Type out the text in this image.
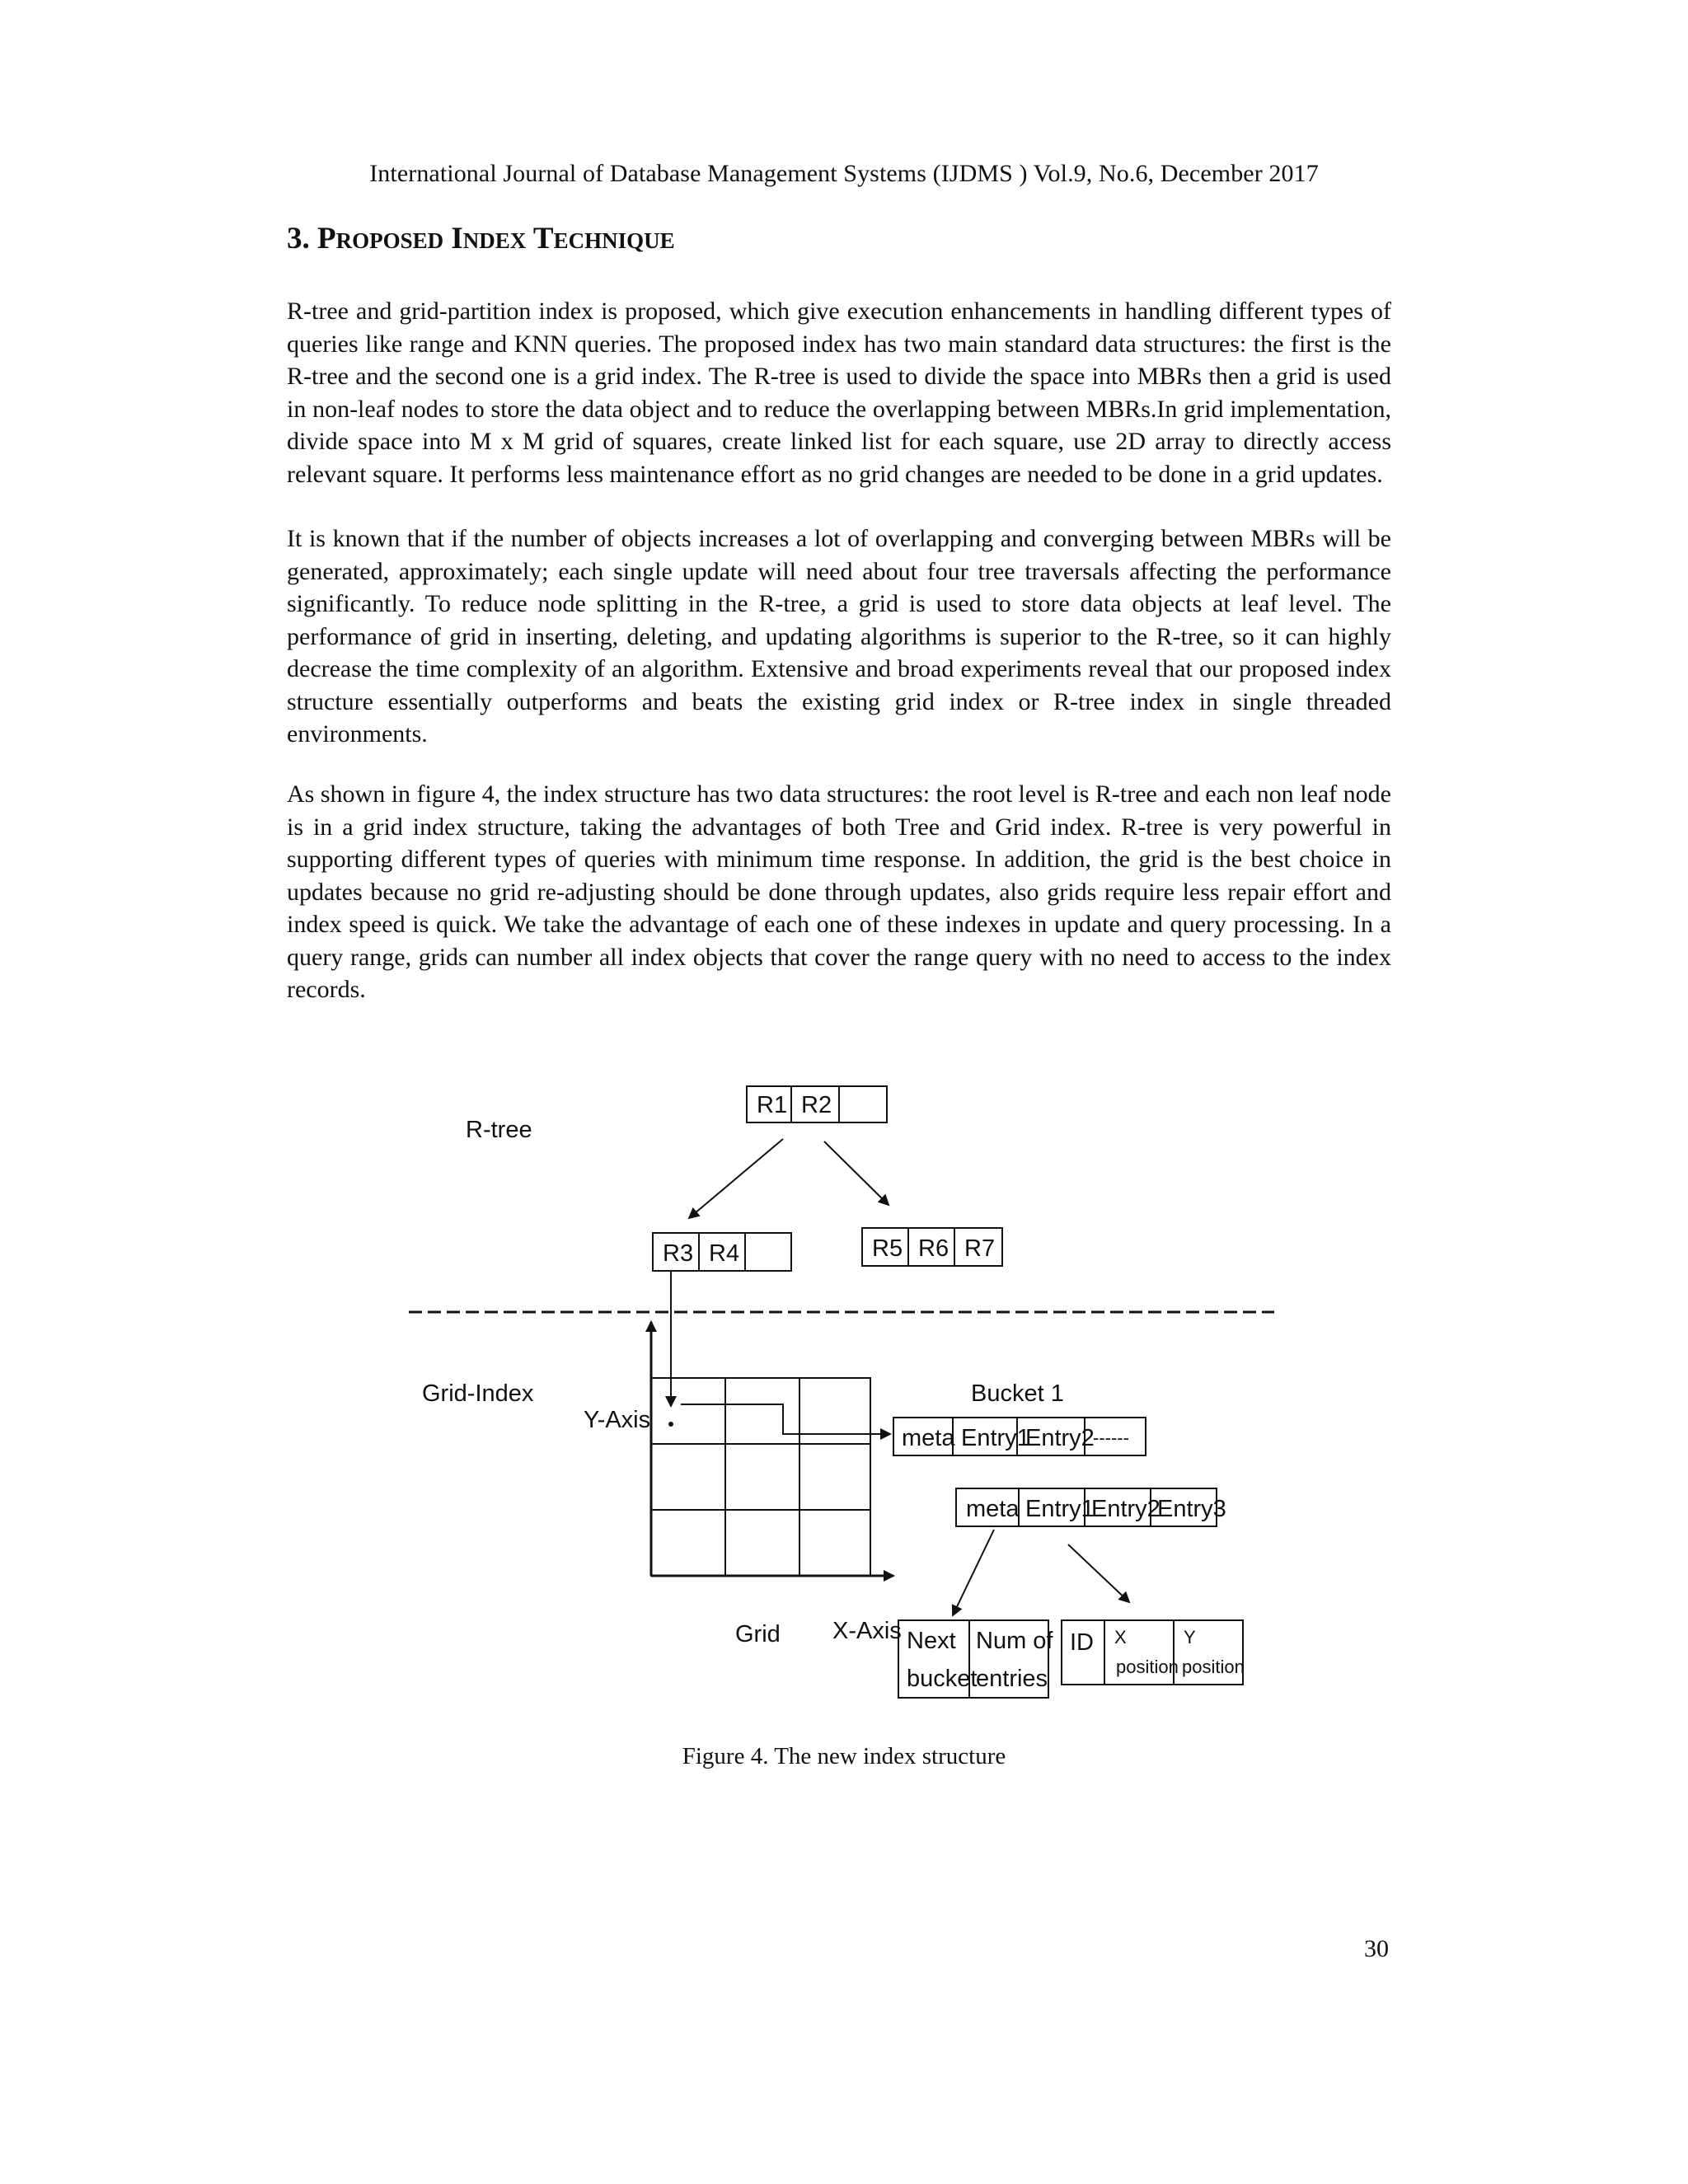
International Journal of Database Management Systems (IJDMS ) Vol.9, No.6, December 2017
3. PROPOSED INDEX TECHNIQUE

R-tree and grid-partition index is proposed, which give execution enhancements in handling different types of queries like range and KNN queries. The proposed index has two main standard data structures: the first is the R-tree and the second one is a grid index. The R-tree is used to divide the space into MBRs then a grid is used in non-leaf nodes to store the data object and to reduce the overlapping between MBRs.In grid implementation, divide space into M x M grid of squares, create linked list for each square, use 2D array to directly access relevant square. It performs less maintenance effort as no grid changes are needed to be done in a grid updates.

It is known that if the number of objects increases a lot of overlapping and converging between MBRs will be generated, approximately; each single update will need about four tree traversals affecting the performance significantly. To reduce node splitting in the R-tree, a grid is used to store data objects at leaf level. The performance of grid in inserting, deleting, and updating algorithms is superior to the R-tree, so it can highly decrease the time complexity of an algorithm. Extensive and broad experiments reveal that our proposed index structure essentially outperforms and beats the existing grid index or R-tree index in single threaded environments.

As shown in figure 4, the index structure has two data structures: the root level is R-tree and each non leaf node is in a grid index structure, taking the advantages of both Tree and Grid index. R-tree is very powerful in supporting different types of queries with minimum time response. In addition, the grid is the best choice in updates because no grid re-adjusting should be done through updates, also grids require less repair effort and index speed is quick. We take the advantage of each one of these indexes in update and query processing. In a query range, grids can number all index objects that cover the range query with no need to access to the index records.

R-tree
Grid-Index
Y-Axis
X-Axis
Grid
Bucket 1
R1 R2
R3 R4	R5 R6 R7
meta Entry1
Entry2
------
meta Entry1
Entry2
Entry3
Next
bucket
Num of
entries
ID X
position
Y
position
Figure 4. The new index structure
30
